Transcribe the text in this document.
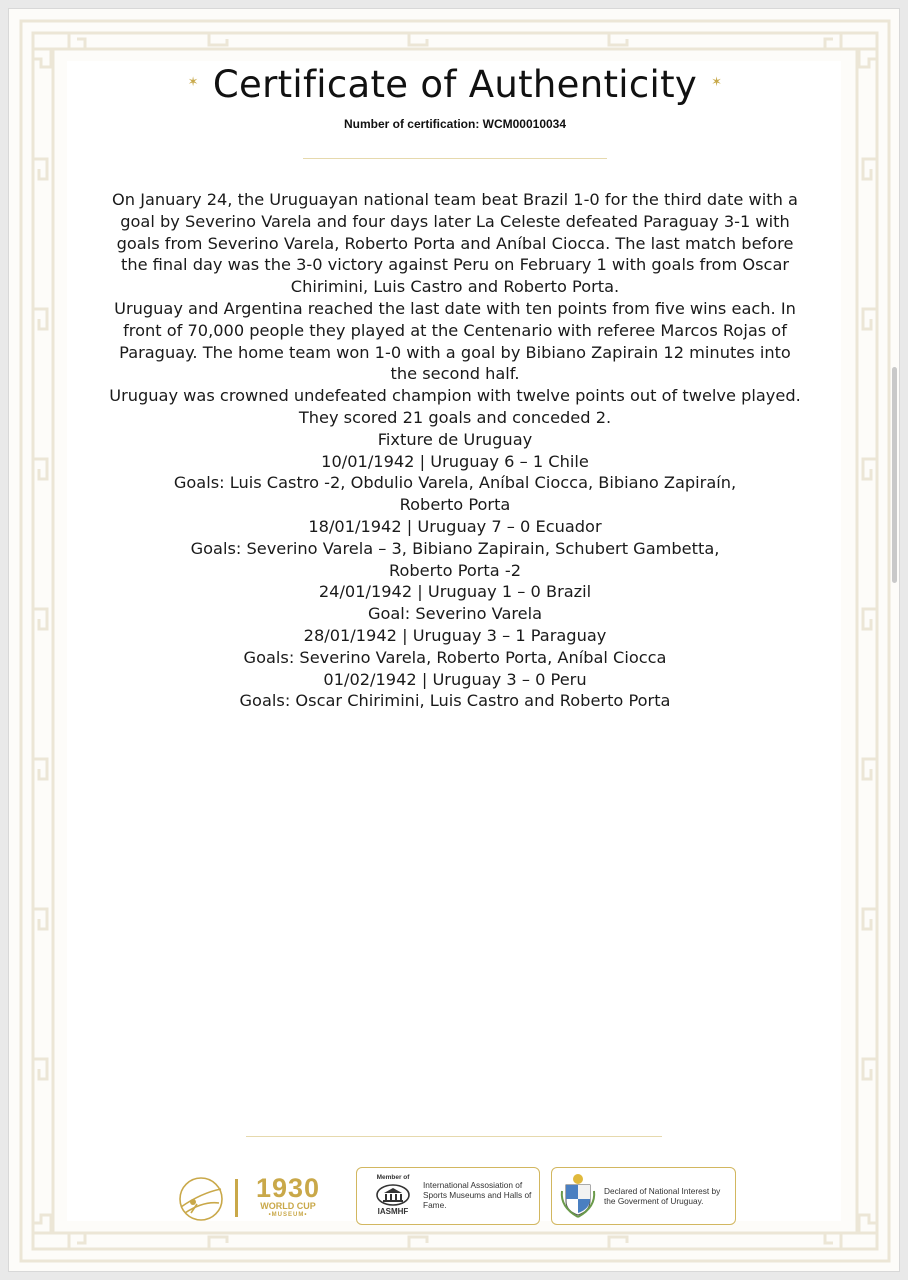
✶ Certificate of Authenticity ✶
Number of certification: WCM00010034

On January 24, the Uruguayan national team beat Brazil 1-0 for the third date with a goal by Severino Varela and four days later La Celeste defeated Paraguay 3-1 with goals from Severino Varela, Roberto Porta and Aníbal Ciocca. The last match before the final day was the 3-0 victory against Peru on February 1 with goals from Oscar Chirimini, Luis Castro and Roberto Porta.

Uruguay and Argentina reached the last date with ten points from five wins each. In front of 70,000 people they played at the Centenario with referee Marcos Rojas of Paraguay. The home team won 1-0 with a goal by Bibiano Zapirain 12 minutes into the second half.

Uruguay was crowned undefeated champion with twelve points out of twelve played. They scored 21 goals and conceded 2.

Fixture de Uruguay

10/01/1942 | Uruguay 6 – 1 Chile

Goals: Luis Castro -2, Obdulio Varela, Aníbal Ciocca, Bibiano Zapiraín, Roberto Porta

18/01/1942 | Uruguay 7 – 0 Ecuador

Goals: Severino Varela – 3, Bibiano Zapirain, Schubert Gambetta, Roberto Porta -2

24/01/1942 | Uruguay 1 – 0 Brazil

Goal: Severino Varela

28/01/1942 | Uruguay 3 – 1 Paraguay

Goals: Severino Varela, Roberto Porta, Aníbal Ciocca

01/02/1942 | Uruguay 3 – 0 Peru

Goals: Oscar Chirimini, Luis Castro and Roberto Porta

1930
WORLD CUP
•MUSEUM•
Member of
IASMHF
International Assosiation of Sports Museums and Halls of Fame.
Declared of National Interest by the Goverment of Uruguay.
